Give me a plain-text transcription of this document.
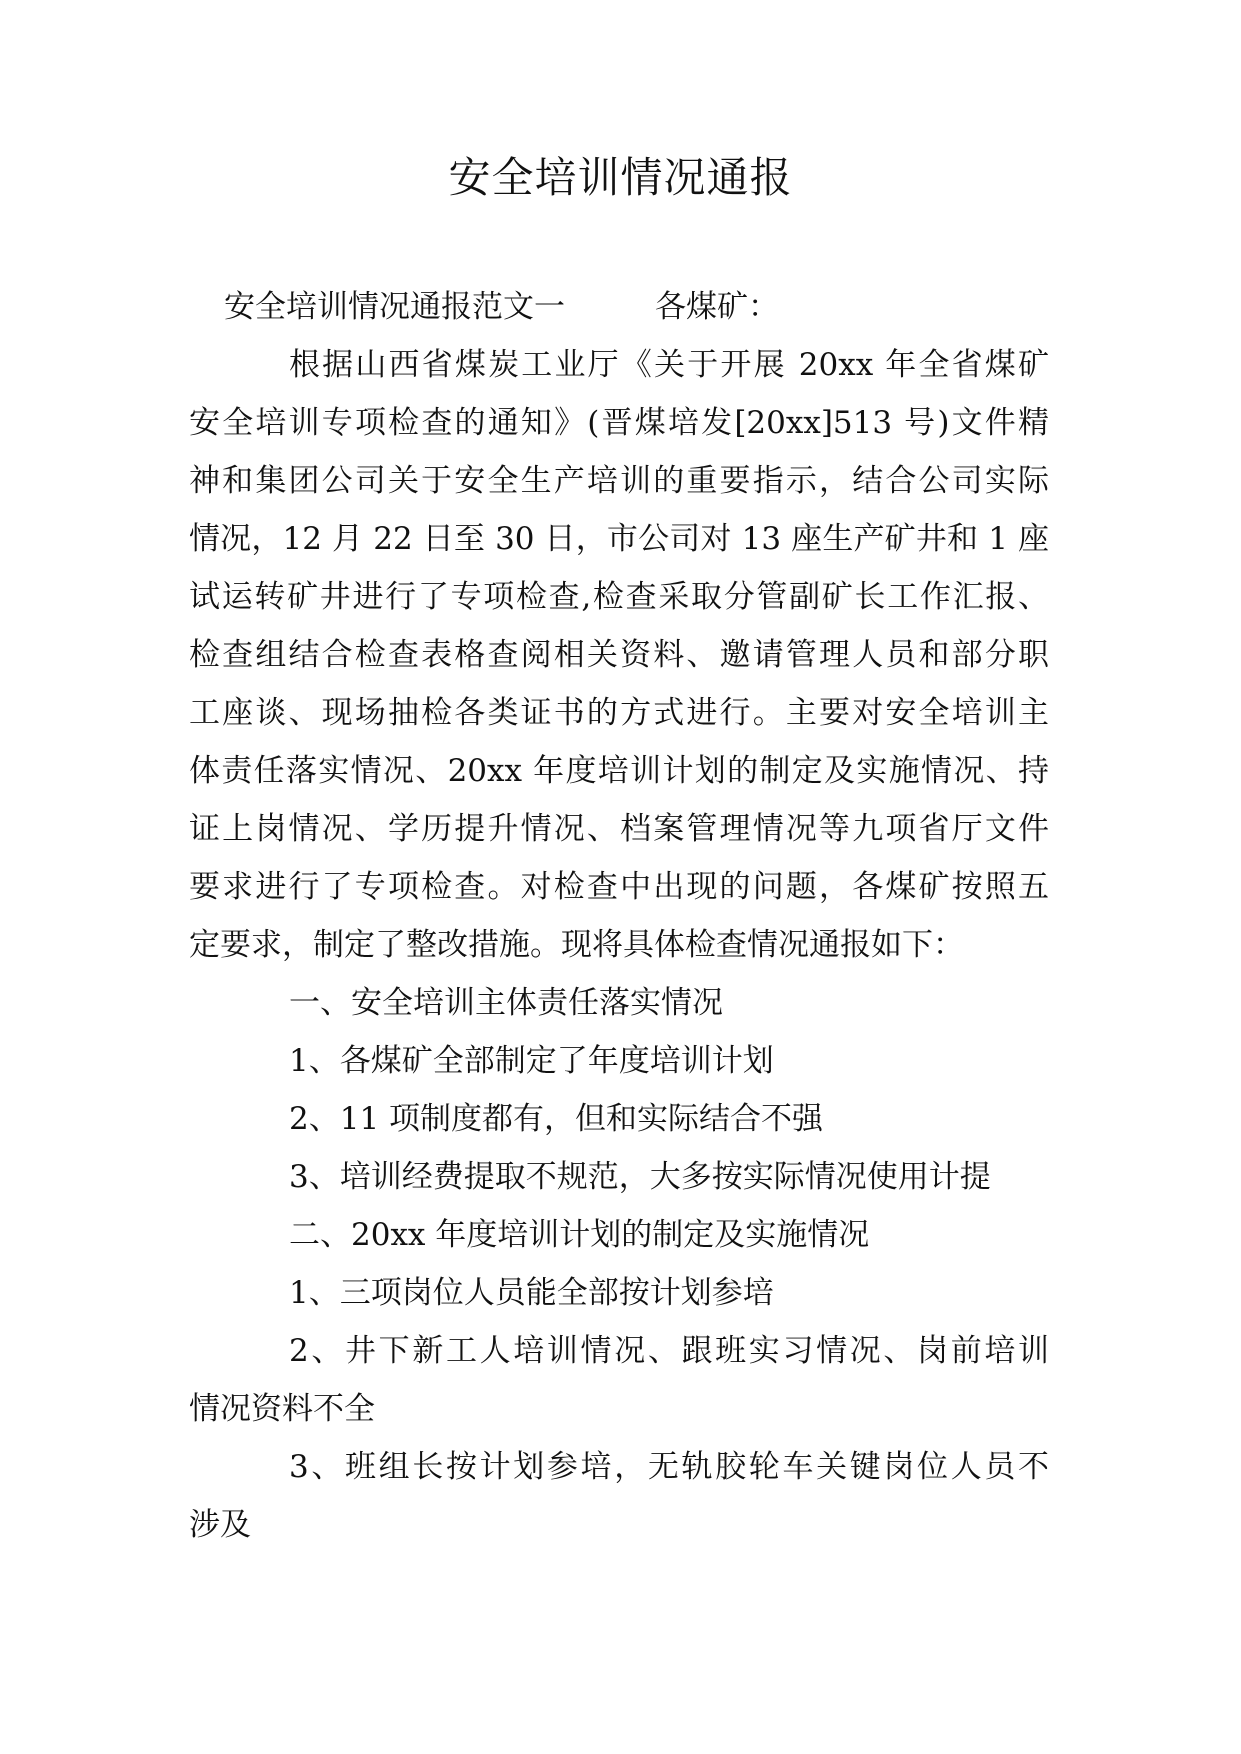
安全培训情况通报

安全培训情况通报范文一	各煤矿：

根据山西省煤炭工业厅《关于开展 20xx 年全省煤矿

安全培训专项检查的通知》(晋煤培发[20xx]513 号)文件精

神和集团公司关于安全生产培训的重要指示，结合公司实际

情况，12 月 22 日至 30 日，市公司对 13 座生产矿井和 1 座

试运转矿井进行了专项检查,检查采取分管副矿长工作汇报、

检查组结合检查表格查阅相关资料、邀请管理人员和部分职

工座谈、现场抽检各类证书的方式进行。主要对安全培训主

体责任落实情况、20xx 年度培训计划的制定及实施情况、持

证上岗情况、学历提升情况、档案管理情况等九项省厅文件

要求进行了专项检查。对检查中出现的问题，各煤矿按照五

定要求，制定了整改措施。现将具体检查情况通报如下：

一、安全培训主体责任落实情况

1、各煤矿全部制定了年度培训计划

2、11 项制度都有，但和实际结合不强

3、培训经费提取不规范，大多按实际情况使用计提

二、20xx 年度培训计划的制定及实施情况

1、三项岗位人员能全部按计划参培

2、井下新工人培训情况、跟班实习情况、岗前培训

情况资料不全

3、班组长按计划参培，无轨胶轮车关键岗位人员不

涉及
